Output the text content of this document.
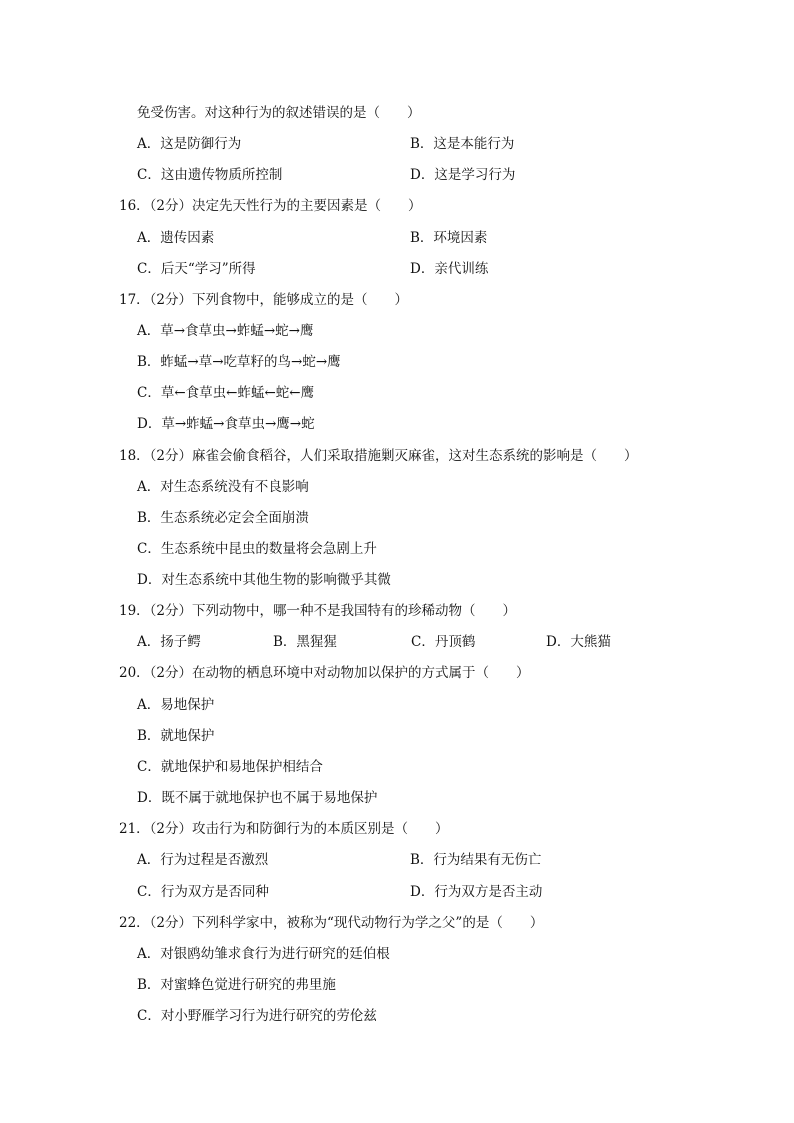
免受伤害。对这种行为的叙述错误的是（　　）
A．这是防御行为	B．这是本能行为
C．这由遗传物质所控制	D．这是学习行为
16．（2分）决定先天性行为的主要因素是（　　）
A．遗传因素	B．环境因素
C．后天“学习”所得	D．亲代训练
17．（2分）下列食物中，能够成立的是（　　）
A．草→食草虫→蚱蜢→蛇→鹰
B．蚱蜢→草→吃草籽的鸟→蛇→鹰
C．草←食草虫←蚱蜢←蛇←鹰
D．草→蚱蜢→食草虫→鹰→蛇
18．（2分）麻雀会偷食稻谷，人们采取措施剿灭麻雀，这对生态系统的影响是（　　）
A．对生态系统没有不良影响
B．生态系统必定会全面崩溃
C．生态系统中昆虫的数量将会急剧上升
D．对生态系统中其他生物的影响微乎其微
19．（2分）下列动物中，哪一种不是我国特有的珍稀动物（　　）
A．扬子鳄	B．黑猩猩	C．丹顶鹤	D．大熊猫
20．（2分）在动物的栖息环境中对动物加以保护的方式属于（　　）
A．易地保护
B．就地保护
C．就地保护和易地保护相结合
D．既不属于就地保护也不属于易地保护
21．（2分）攻击行为和防御行为的本质区别是（　　）
A．行为过程是否激烈	B．行为结果有无伤亡
C．行为双方是否同种	D．行为双方是否主动
22．（2分）下列科学家中，被称为“现代动物行为学之父”的是（　　）
A．对银鸥幼雏求食行为进行研究的廷伯根
B．对蜜蜂色觉进行研究的弗里施
C．对小野雁学习行为进行研究的劳伦兹
